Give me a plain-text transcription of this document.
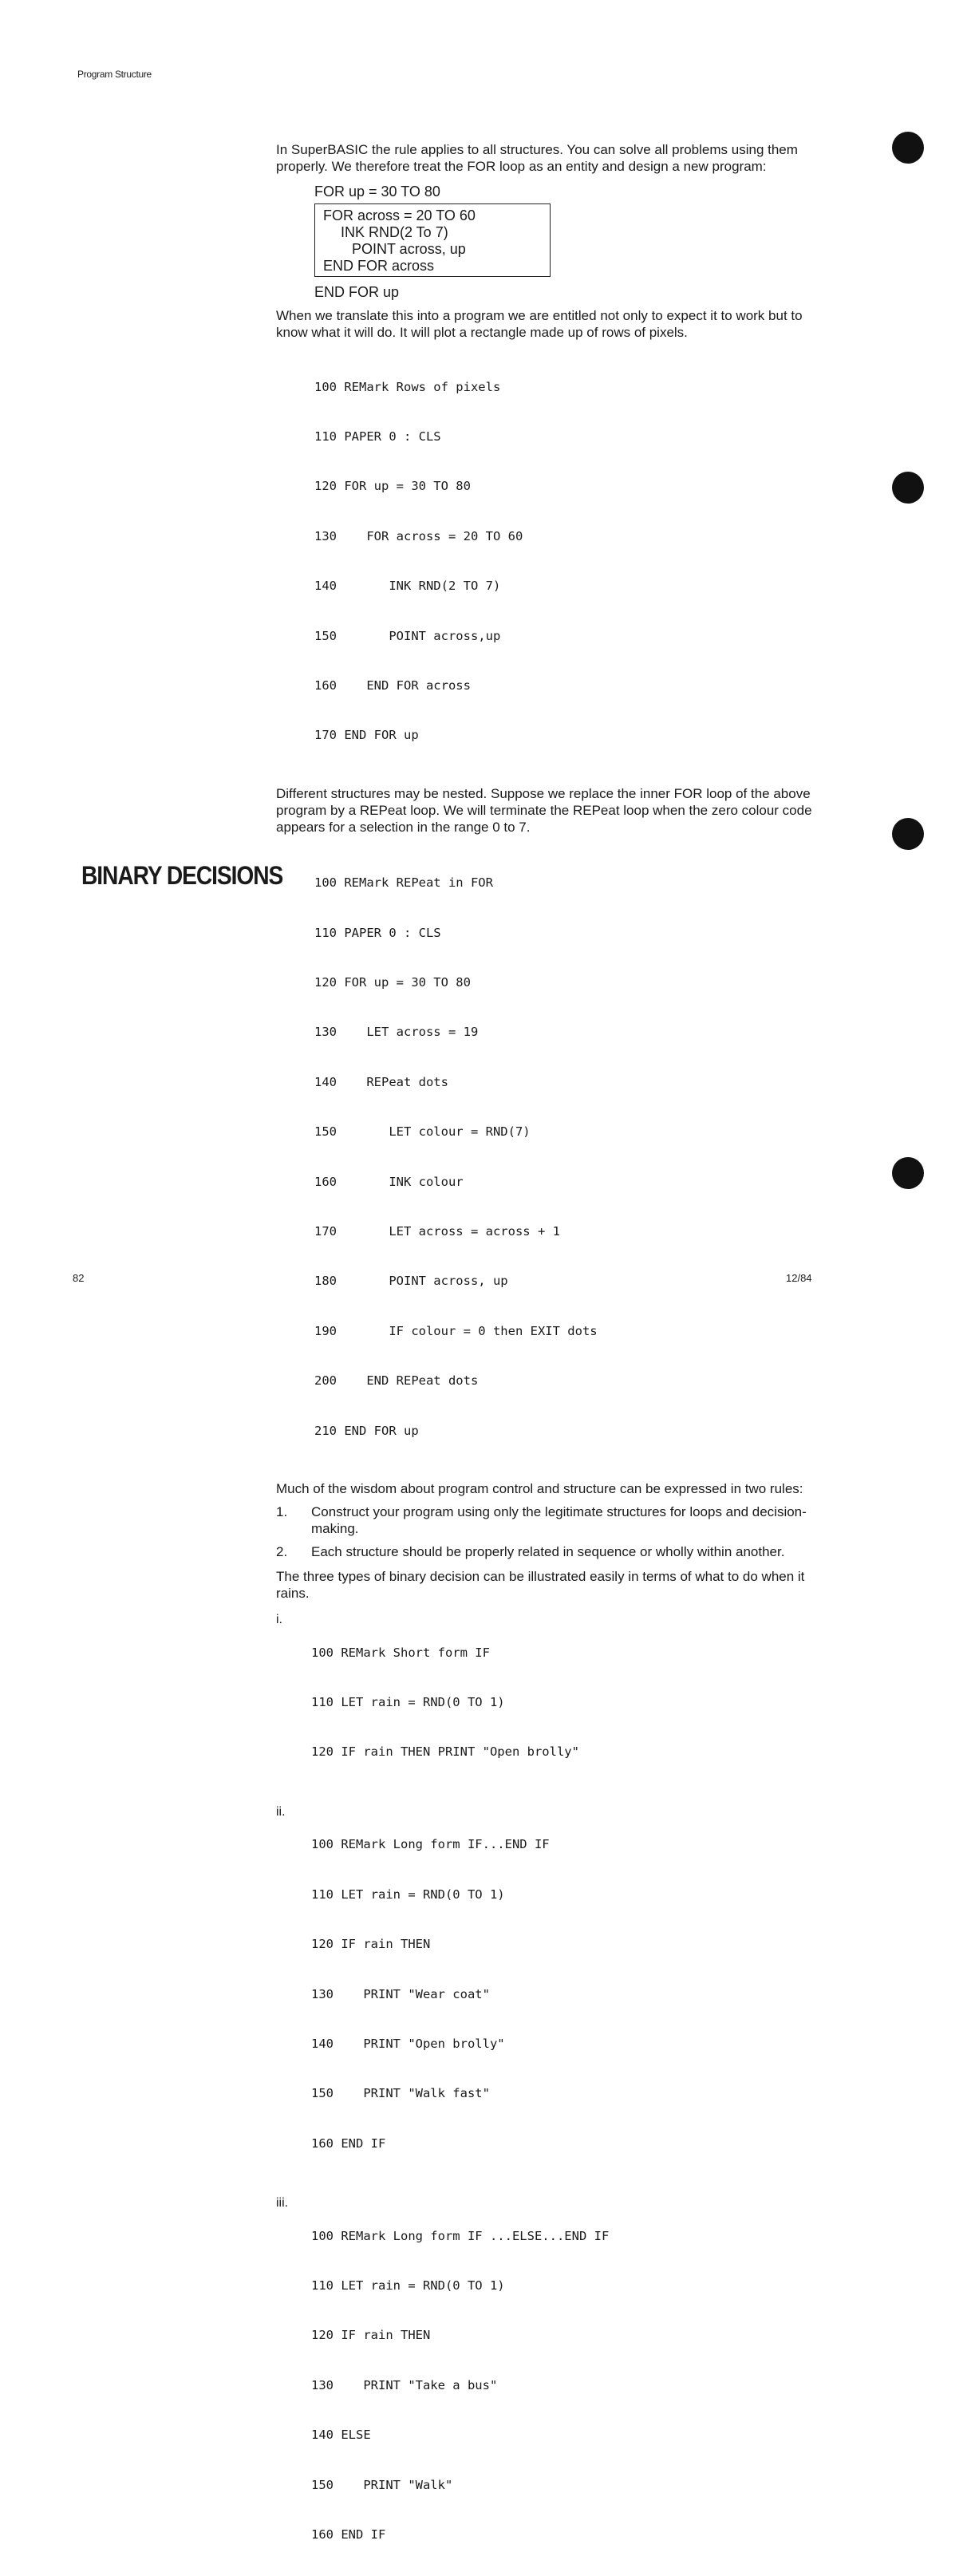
Program Structure
BINARY DECISIONS

In SuperBASIC the rule applies to all structures. You can solve all problems using them properly. We therefore treat the FOR loop as an entity and design a new program:

FOR up = 30 TO 80
FOR across = 20 TO 60
INK RND(2 To 7)
POINT across, up
END FOR across
END FOR up

When we translate this into a program we are entitled not only to expect it to work but to know what it will do. It will plot a rectangle made up of rows of pixels.

100 REMark Rows of pixels

110 PAPER 0 : CLS

120 FOR up = 30 TO 80

130    FOR across = 20 TO 60

140       INK RND(2 TO 7)

150       POINT across,up

160    END FOR across

170 END FOR up

Different structures may be nested. Suppose we replace the inner FOR loop of the above program by a REPeat loop. We will terminate the REPeat loop when the zero colour code appears for a selection in the range 0 to 7.

100 REMark REPeat in FOR

110 PAPER 0 : CLS

120 FOR up = 30 TO 80

130    LET across = 19

140    REPeat dots

150       LET colour = RND(7)

160       INK colour

170       LET across = across + 1

180       POINT across, up

190       IF colour = 0 then EXIT dots

200    END REPeat dots

210 END FOR up

Much of the wisdom about program control and structure can be expressed in two rules:

1.	Construct your program using only the legitimate structures for loops and decision-making.
2.	Each structure should be properly related in sequence or wholly within another.

The three types of binary decision can be illustrated easily in terms of what to do when it rains.

i.

100 REMark Short form IF

110 LET rain = RND(0 TO 1)

120 IF rain THEN PRINT "Open brolly"

ii.

100 REMark Long form IF...END IF

110 LET rain = RND(0 TO 1)

120 IF rain THEN

130    PRINT "Wear coat"

140    PRINT "Open brolly"

150    PRINT "Walk fast"

160 END IF

iii.

100 REMark Long form IF ...ELSE...END IF

110 LET rain = RND(0 TO 1)

120 IF rain THEN

130    PRINT "Take a bus"

140 ELSE

150    PRINT "Walk"

160 END IF

82	12/84
